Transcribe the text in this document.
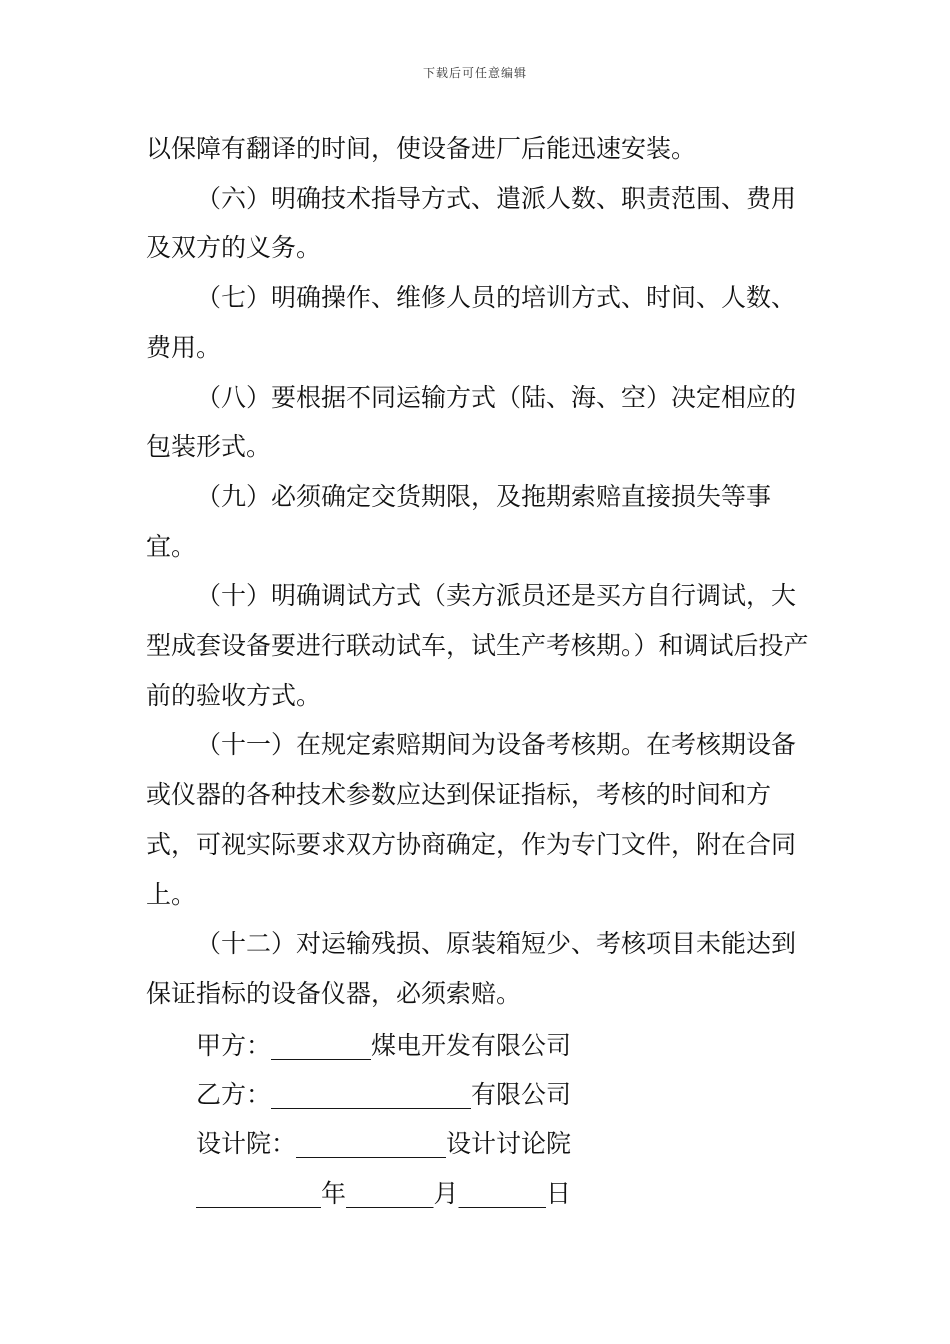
下载后可任意编辑

以保障有翻译的时间，使设备进厂后能迅速安装。

（六）明确技术指导方式、遣派人数、职责范围、费用及双方的义务。

（七）明确操作、维修人员的培训方式、时间、人数、费用。

（八）要根据不同运输方式（陆、海、空）决定相应的包装形式。

（九）必须确定交货期限，及拖期索赔直接损失等事宜。

（十）明确调试方式（卖方派员还是买方自行调试，大型成套设备要进行联动试车，试生产考核期。）和调试后投产前的验收方式。

（十一）在规定索赔期间为设备考核期。在考核期设备或仪器的各种技术参数应达到保证指标，考核的时间和方式，可视实际要求双方协商确定，作为专门文件，附在合同上。

（十二）对运输残损、原装箱短少、考核项目未能达到保证指标的设备仪器，必须索赔。

甲方：________煤电开发有限公司
乙方：________________有限公司
设计院：____________设计讨论院
__________年_______月_______日
